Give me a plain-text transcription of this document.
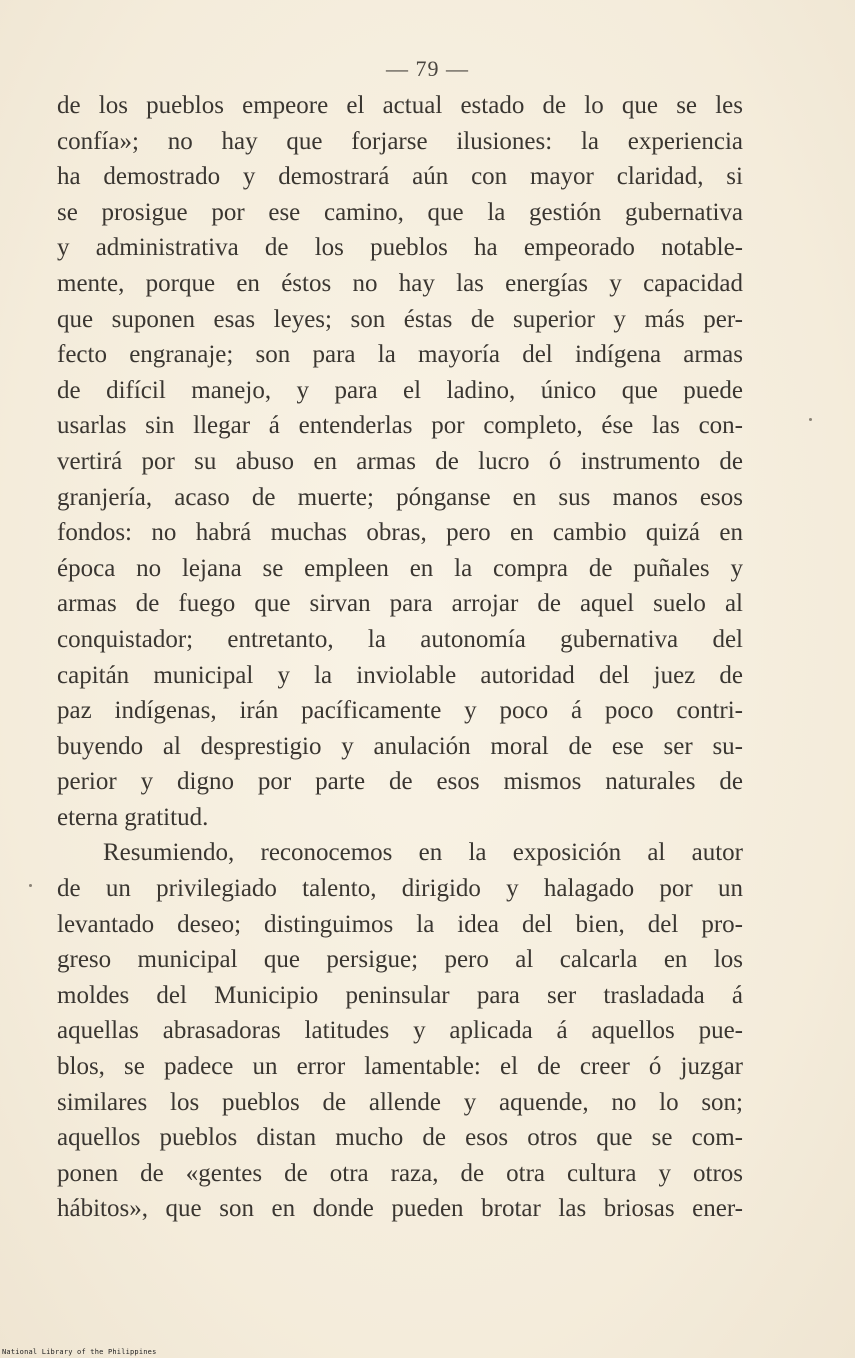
— 79 —
de los pueblos empeore el actual estado de lo que se les
confía»; no hay que forjarse ilusiones: la experiencia
ha demostrado y demostrará aún con mayor claridad, si
se prosigue por ese camino, que la gestión gubernativa
y administrativa de los pueblos ha empeorado notable-
mente, porque en éstos no hay las energías y capacidad
que suponen esas leyes; son éstas de superior y más per-
fecto engranaje; son para la mayoría del indígena armas
de difícil manejo, y para el ladino, único que puede
usarlas sin llegar á entenderlas por completo, ése las con-
vertirá por su abuso en armas de lucro ó instrumento de
granjería, acaso de muerte; pónganse en sus manos esos
fondos: no habrá muchas obras, pero en cambio quizá en
época no lejana se empleen en la compra de puñales y
armas de fuego que sirvan para arrojar de aquel suelo al
conquistador; entretanto, la autonomía gubernativa del
capitán municipal y la inviolable autoridad del juez de
paz indígenas, irán pacíficamente y poco á poco contri-
buyendo al desprestigio y anulación moral de ese ser su-
perior y digno por parte de esos mismos naturales de
eterna gratitud.
Resumiendo, reconocemos en la exposición al autor
de un privilegiado talento, dirigido y halagado por un
levantado deseo; distinguimos la idea del bien, del pro-
greso municipal que persigue; pero al calcarla en los
moldes del Municipio peninsular para ser trasladada á
aquellas abrasadoras latitudes y aplicada á aquellos pue-
blos, se padece un error lamentable: el de creer ó juzgar
similares los pueblos de allende y aquende, no lo son;
aquellos pueblos distan mucho de esos otros que se com-
ponen de «gentes de otra raza, de otra cultura y otros
hábitos», que son en donde pueden brotar las briosas ener-
National Library of the Philippines
